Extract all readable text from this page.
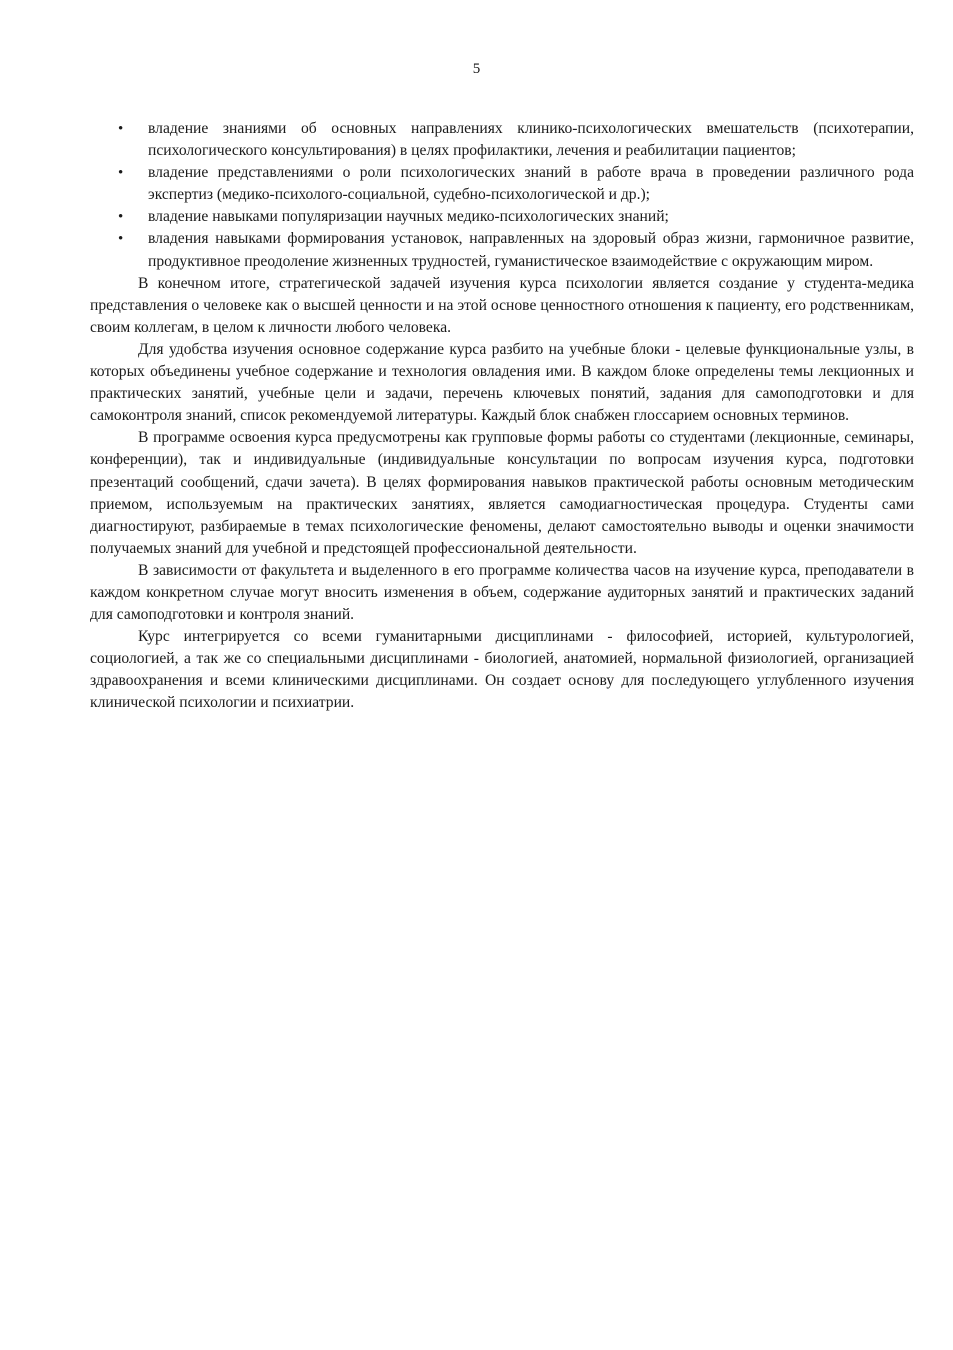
5
• владение знаниями об основных направлениях клинико-психологических вмешательств (психотерапии, психологического консультирования) в целях профилактики, лечения и реабилитации пациентов;
• владение представлениями о роли психологических знаний в работе врача в проведении различного рода экспертиз (медико-психолого-социальной, судебно-психологической и др.);
• владение навыками популяризации научных медико-психологических знаний;
• владения навыками формирования установок, направленных на здоровый образ жизни, гармоничное развитие, продуктивное преодоление жизненных трудностей, гуманистическое взаимодействие с окружающим миром.

В конечном итоге, стратегической задачей изучения курса психологии является создание у студента-медика представления о человеке как о высшей ценности и на этой основе ценностного отношения к пациенту, его родственникам, своим коллегам, в целом к личности любого человека.

Для удобства изучения основное содержание курса разбито на учебные блоки - целевые функциональные узлы, в которых объединены учебное содержание и технология овладения ими. В каждом блоке определены темы лекционных и практических занятий, учебные цели и задачи, перечень ключевых понятий, задания для самоподготовки и для самоконтроля знаний, список рекомендуемой литературы. Каждый блок снабжен глоссарием основных терминов.

В программе освоения курса предусмотрены как групповые формы работы со студентами (лекционные, семинары, конференции), так и индивидуальные (индивидуальные консультации по вопросам изучения курса, подготовки презентаций сообщений, сдачи зачета). В целях формирования навыков практической работы основным методическим приемом, используемым на практических занятиях, является самодиагностическая процедура. Студенты сами диагностируют, разбираемые в темах психологические феномены, делают самостоятельно выводы и оценки значимости получаемых знаний для учебной и предстоящей профессиональной деятельности.

В зависимости от факультета и выделенного в его программе количества часов на изучение курса, преподаватели в каждом конкретном случае могут вносить изменения в объем, содержание аудиторных занятий и практических заданий для самоподготовки и контроля знаний.

Курс интегрируется со всеми гуманитарными дисциплинами - философией, историей, культурологией, социологией, а так же со специальными дисциплинами - биологией, анатомией, нормальной физиологией, организацией здравоохранения и всеми клиническими дисциплинами. Он создает основу для последующего углубленного изучения клинической психологии и психиатрии.
